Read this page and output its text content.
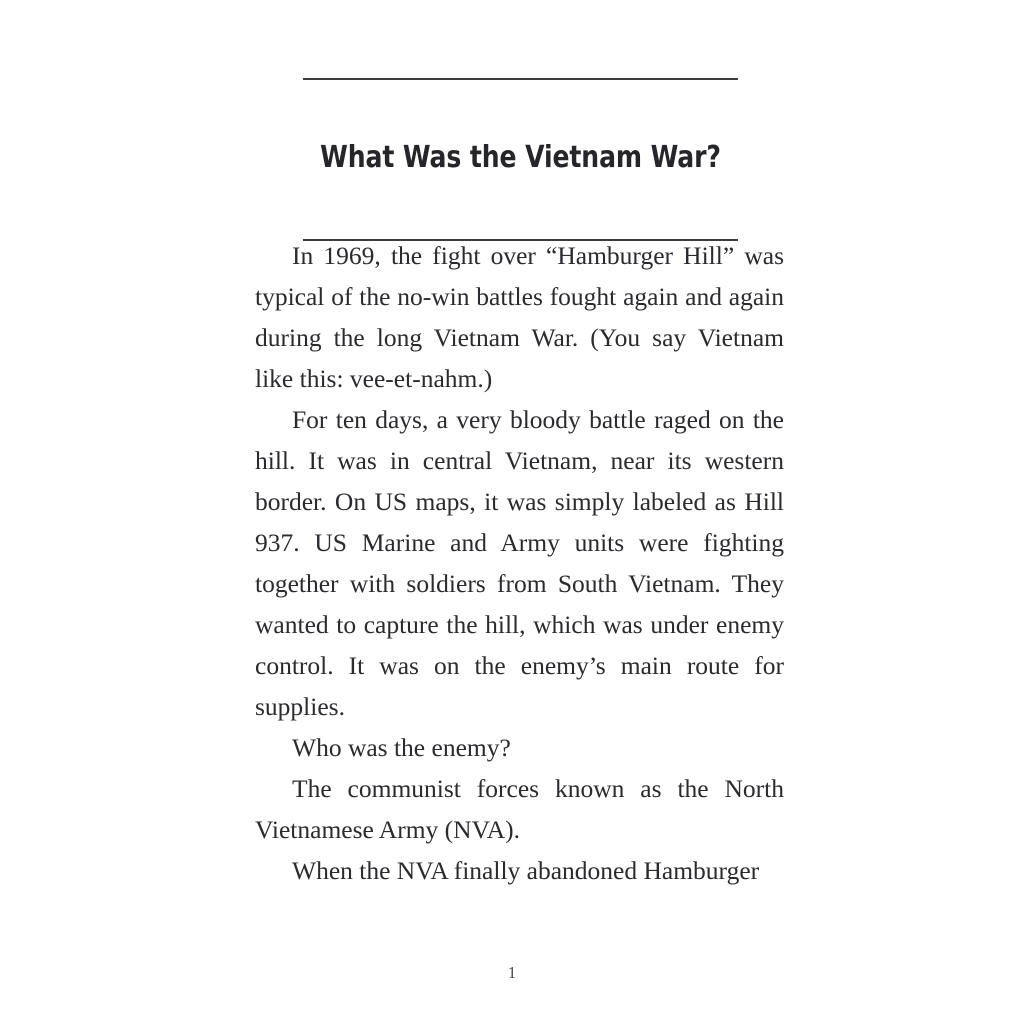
What Was the Vietnam War?

In 1969, the fight over “Hamburger Hill” was typical of the no-win battles fought again and again during the long Vietnam War. (You say Vietnam like this: vee-et-nahm.)

For ten days, a very bloody battle raged on the hill. It was in central Vietnam, near its western border. On US maps, it was simply labeled as Hill 937. US Marine and Army units were fighting together with soldiers from South Vietnam. They wanted to capture the hill, which was under enemy control. It was on the enemy’s main route for supplies.

Who was the enemy?

The communist forces known as the North Vietnamese Army (NVA).

When the NVA finally abandoned Hamburger

1
